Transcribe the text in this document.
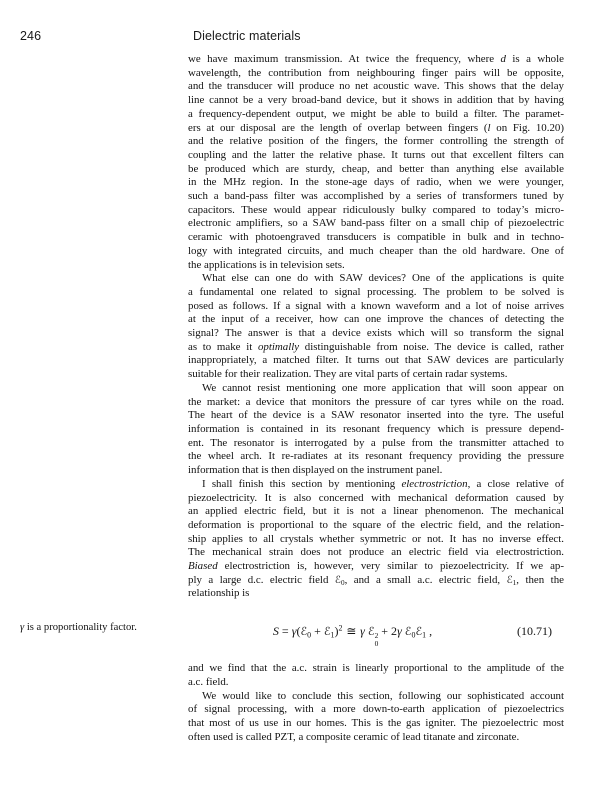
246	Dielectric materials
we have maximum transmission. At twice the frequency, where d is a whole
wavelength, the contribution from neighbouring finger pairs will be opposite,
and the transducer will produce no net acoustic wave. This shows that the delay
line cannot be a very broad-band device, but it shows in addition that by having
a frequency-dependent output, we might be able to build a filter. The paramet-
ers at our disposal are the length of overlap between fingers (l on Fig. 10.20)
and the relative position of the fingers, the former controlling the strength of
coupling and the latter the relative phase. It turns out that excellent filters can
be produced which are sturdy, cheap, and better than anything else available
in the MHz region. In the stone-age days of radio, when we were younger,
such a band-pass filter was accomplished by a series of transformers tuned by
capacitors. These would appear ridiculously bulky compared to today’s micro-
electronic amplifiers, so a SAW band-pass filter on a small chip of piezoelectric
ceramic with photoengraved transducers is compatible in bulk and in techno-
logy with integrated circuits, and much cheaper than the old hardware. One of
the applications is in television sets.
What else can one do with SAW devices? One of the applications is quite
a fundamental one related to signal processing. The problem to be solved is
posed as follows. If a signal with a known waveform and a lot of noise arrives
at the input of a receiver, how can one improve the chances of detecting the
signal? The answer is that a device exists which will so transform the signal
as to make it optimally distinguishable from noise. The device is called, rather
inappropriately, a matched filter. It turns out that SAW devices are particularly
suitable for their realization. They are vital parts of certain radar systems.
We cannot resist mentioning one more application that will soon appear on
the market: a device that monitors the pressure of car tyres while on the road.
The heart of the device is a SAW resonator inserted into the tyre. The useful
information is contained in its resonant frequency which is pressure depend-
ent. The resonator is interrogated by a pulse from the transmitter attached to
the wheel arch. It re-radiates at its resonant frequency providing the pressure
information that is then displayed on the instrument panel.
I shall finish this section by mentioning electrostriction, a close relative of
piezoelectricity. It is also concerned with mechanical deformation caused by
an applied electric field, but it is not a linear phenomenon. The mechanical
deformation is proportional to the square of the electric field, and the relation-
ship applies to all crystals whether symmetric or not. It has no inverse effect.
The mechanical strain does not produce an electric field via electrostriction.
Biased electrostriction is, however, very similar to piezoelectricity. If we ap-
ply a large d.c. electric field ℰ$_0$, and a small a.c. electric field, ℰ$_1$, then the
relationship is
S = γ(ℰ$_0$ + ℰ$_1$)$^2$ ≅ γ ℰ 2
0
+ 2γ ℰ$_0$ℰ$_1$ ,	(10.71)
and we find that the a.c. strain is linearly proportional to the amplitude of the
a.c. field.
We would like to conclude this section, following our sophisticated account
of signal processing, with a more down-to-earth application of piezoelectrics
that most of us use in our homes. This is the gas igniter. The piezoelectric most
often used is called PZT, a composite ceramic of lead titanate and zirconate.
γ is a proportionality factor.
